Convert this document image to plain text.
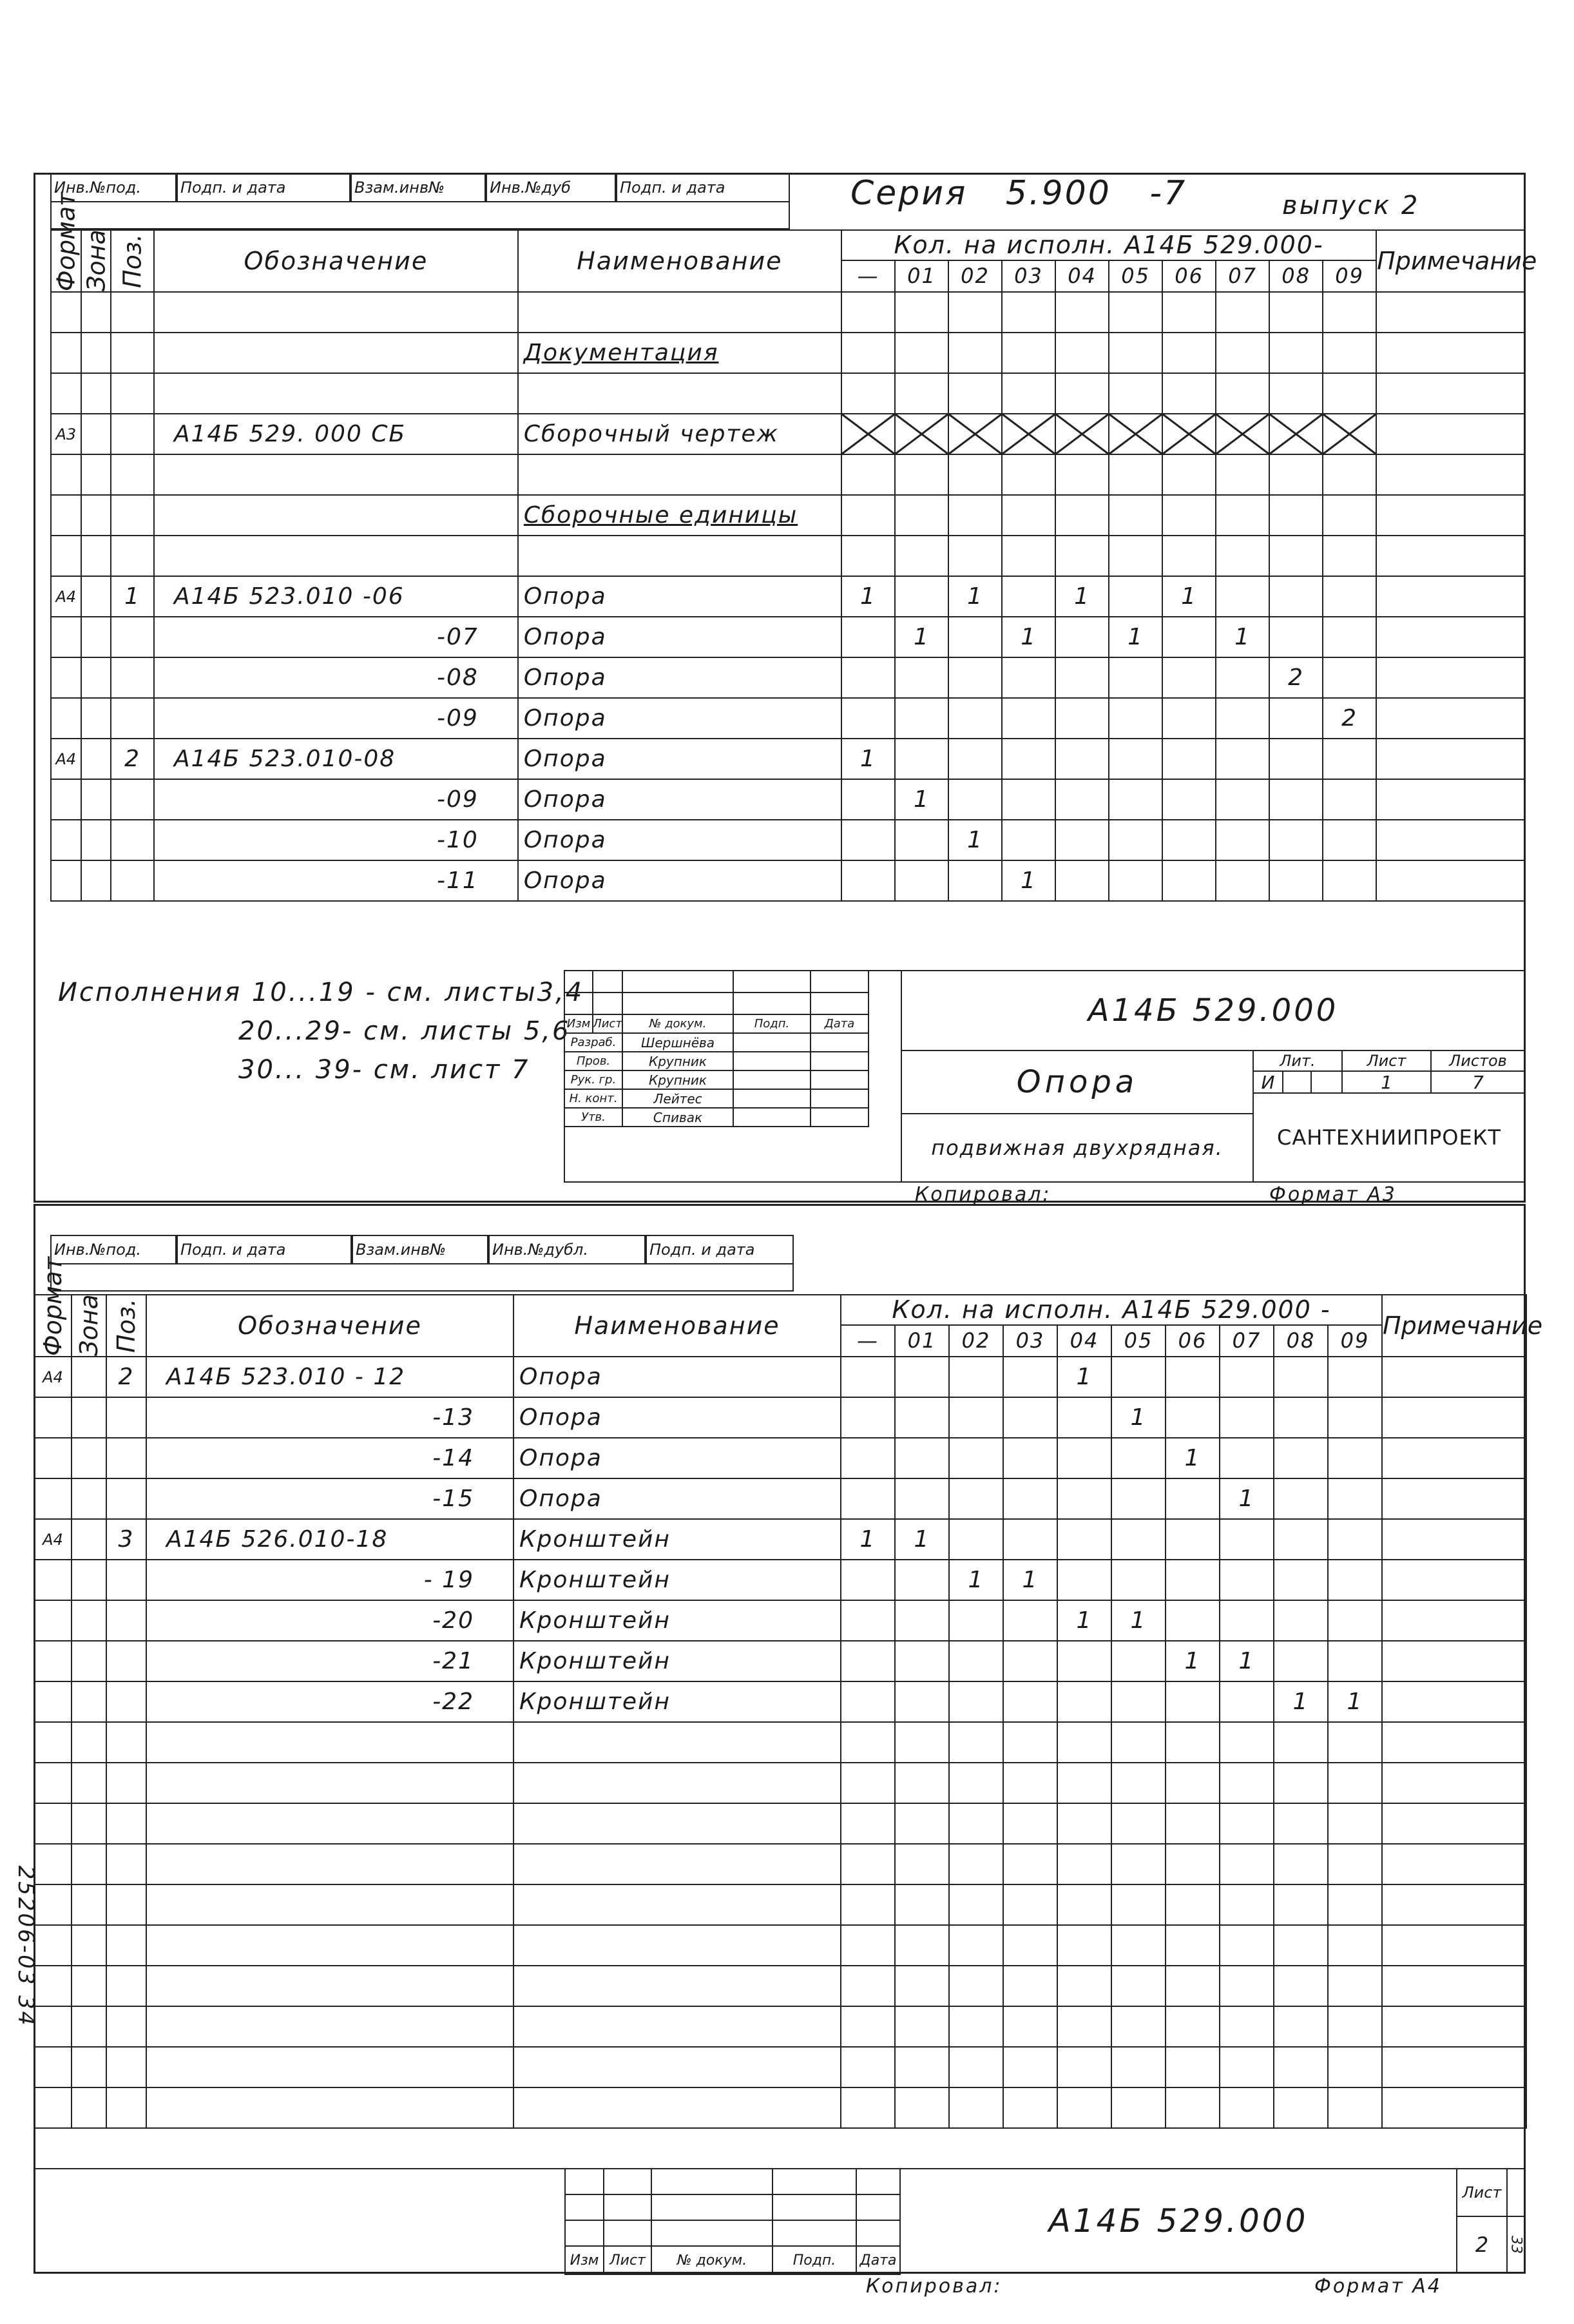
Инв.№под.	Подп. и дата	Взам.инв№	Инв.№дуб	Подп. и дата	Серия 5.900 -7	выпуск 2
Формат	Зона	Поз.	Обозначение	Наименование	Кол. на исполн. А14Б 529.000-										Примечание
					—	01	02	03	04	05	06	07	08	09	

				Документация											

А3			А14Б 529. 000 СБ	Сборочный чертеж	

				Сборочные единицы											

А4		1	А14Б 523.010 -06	Опора	1		1		1		1				
			-07	Опора		1		1		1		1			
			-08	Опора									2		
			-09	Опора										2	
А4		2	А14Б 523.010-08	Опора	1										
			-09	Опора		1									
			-10	Опора			1								
			-11	Опора				1							
Исполнения 10...19 - см. листы3,4
20...29- см. листы 5,6
30... 39- см. лист 7
Изм Лист	№ докум.	Подп.	Дата
Разраб.	Шершнёва
Пров.	Крупник
Рук. гр.	Крупник
Н. конт.	Лейтес
Утв.	Спивак
А14Б 529.000
Опора
подвижная двухрядная.
Лит.	Лист	Листов
И	1	7
САНТЕХНИИПРОЕКТ
Копировал:	Формат А3
Инв.№под.	Подп. и дата	Взам.инв№	Инв.№дубл.	Подп. и дата
Формат	Зона	Поз.	Обозначение	Наименование	Кол. на исполн. А14Б 529.000 -										Примечание
					—	01	02	03	04	05	06	07	08	09	
А4		2	А14Б 523.010 - 12	Опора					1						
			-13	Опора						1					
			-14	Опора							1				
			-15	Опора								1			
А4		3	А14Б 526.010-18	Кронштейн	1	1									
			- 19	Кронштейн			1	1							
			-20	Кронштейн					1	1					
			-21	Кронштейн							1	1			
			-22	Кронштейн									1	1	

25206-03 34
Изм Лист	№ докум.	Подп.	Дата
А14Б 529.000
Лист
2	33
Копировал:	Формат А4
